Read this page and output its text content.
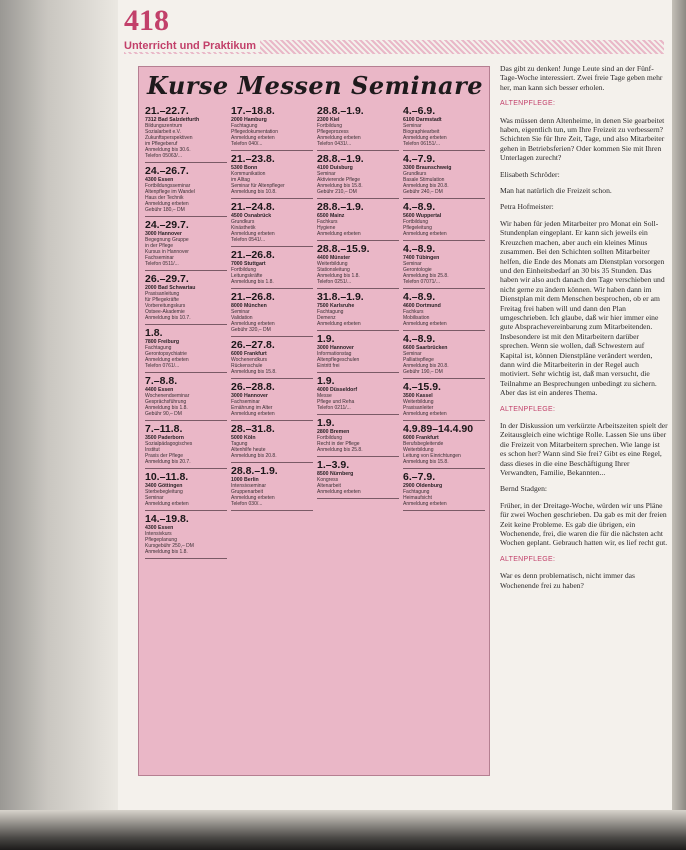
418
Unterricht und Praktikum
Kurse Messen Seminare
21.–22.7.
7312 Bad Salzdetfurth
Bildungszentrum
Sozialarbeit e.V.
Zukunftsperspektiven
im Pflegeberuf
Anmeldung bis 30.6.
Telefon 05063/...
24.–26.7.
4300 Essen
Fortbildungsseminar
Altenpflege im Wandel
Haus der Technik
Anmeldung erbeten
Gebühr 180,– DM
24.–29.7.
3000 Hannover
Begegnung Gruppe
in der Pflege
Kursus in Hannover
Fachseminar
Telefon 0511/...
26.–29.7.
2000 Bad Schwartau
Praxisanleitung
für Pflegekräfte
Vorbereitungskurs
Ostsee-Akademie
Anmeldung bis 10.7.
1.8.
7800 Freiburg
Fachtagung
Gerontopsychiatrie
Anmeldung erbeten
Telefon 0761/...
7.–8.8.
4400 Essen
Wochenendseminar
Gesprächsführung
Anmeldung bis 1.8.
Gebühr 90,– DM
7.–11.8.
3500 Paderborn
Sozialpädagogisches
Institut
Praxis der Pflege
Anmeldung bis 20.7.
10.–11.8.
3400 Göttingen
Sterbebegleitung
Seminar
Anmeldung erbeten
14.–19.8.
4300 Essen
Intensivkurs
Pflegeplanung
Kursgebühr 250,– DM
Anmeldung bis 1.8.
17.–18.8.
2000 Hamburg
Fachtagung
Pflegedokumentation
Anmeldung erbeten
Telefon 040/...
21.–23.8.
5300 Bonn
Kommunikation
im Alltag
Seminar für Altenpfleger
Anmeldung bis 10.8.
21.–24.8.
4500 Osnabrück
Grundkurs
Kinästhetik
Anmeldung erbeten
Telefon 0541/...
21.–26.8.
7000 Stuttgart
Fortbildung
Leitungskräfte
Anmeldung bis 1.8.
21.–26.8.
8000 München
Seminar
Validation
Anmeldung erbeten
Gebühr 320,– DM
26.–27.8.
6000 Frankfurt
Wochenendkurs
Rückenschule
Anmeldung bis 15.8.
26.–28.8.
3000 Hannover
Fachseminar
Ernährung im Alter
Anmeldung erbeten
28.–31.8.
5000 Köln
Tagung
Altenhilfe heute
Anmeldung bis 20.8.
28.8.–1.9.
1000 Berlin
Intensivseminar
Gruppenarbeit
Anmeldung erbeten
Telefon 030/...
28.8.–1.9.
2300 Kiel
Fortbildung
Pflegeprozess
Anmeldung erbeten
Telefon 0431/...
28.8.–1.9.
4100 Duisburg
Seminar
Aktivierende Pflege
Anmeldung bis 15.8.
Gebühr 210,– DM
28.8.–1.9.
6500 Mainz
Fachkurs
Hygiene
Anmeldung erbeten
28.8.–15.9.
4400 Münster
Weiterbildung
Stationsleitung
Anmeldung bis 1.8.
Telefon 0251/...
31.8.–1.9.
7500 Karlsruhe
Fachtagung
Demenz
Anmeldung erbeten
1.9.
3000 Hannover
Informationstag
Altenpflegeschulen
Eintritt frei
1.9.
4000 Düsseldorf
Messe
Pflege und Reha
Telefon 0211/...
1.9.
2800 Bremen
Fortbildung
Recht in der Pflege
Anmeldung bis 25.8.
1.–3.9.
8500 Nürnberg
Kongress
Altenarbeit
Anmeldung erbeten
4.–6.9.
6100 Darmstadt
Seminar
Biographiearbeit
Anmeldung erbeten
Telefon 06151/...
4.–7.9.
3300 Braunschweig
Grundkurs
Basale Stimulation
Anmeldung bis 20.8.
Gebühr 240,– DM
4.–8.9.
5600 Wuppertal
Fortbildung
Pflegeleitung
Anmeldung erbeten
4.–8.9.
7400 Tübingen
Seminar
Gerontologie
Anmeldung bis 25.8.
Telefon 07071/...
4.–8.9.
4600 Dortmund
Fachkurs
Mobilisation
Anmeldung erbeten
4.–8.9.
6600 Saarbrücken
Seminar
Palliativpflege
Anmeldung bis 20.8.
Gebühr 190,– DM
4.–15.9.
3500 Kassel
Weiterbildung
Praxisanleiter
Anmeldung erbeten
4.9.89–14.4.90
6000 Frankfurt
Berufsbegleitende
Weiterbildung
Leitung von Einrichtungen
Anmeldung bis 15.8.
6.–7.9.
2900 Oldenburg
Fachtagung
Heimaufsicht
Anmeldung erbeten

Das gibt zu denken! Junge Leute sind an der Fünf-Tage-Woche interessiert. Zwei freie Tage geben mehr her, man kann sich besser erholen.

ALTENPFLEGE:

Was müssen denn Altenheime, in denen Sie gearbeitet haben, eigentlich tun, um Ihre Freizeit zu verbessern? Schichten Sie für Ihre Zeit, Tage, und also Mitarbeiter gehen in Betriebsferien? Oder kommen Sie mit Ihren Unterlagen zurecht?

Elisabeth Schröder:

Man hat natürlich die Freizeit schon.

Petra Hofmeister:

Wir haben für jeden Mitarbeiter pro Monat ein Soll-Stundenplan eingeplant. Er kann sich jeweils ein Kreuzchen machen, aber auch ein kleines Minus zusammen. Bei den Schichten sollten Mitarbeiter helfen, die Ende des Monats am Dienstplan vorsorgen und den Einheitsbedarf an 30 bis 35 Stunden. Das haben wir also auch danach den Tage verschieben und nicht gerne zu ändern können. Wir haben dann im Dienstplan mit dem Menschen besprochen, ob er am Freitag frei haben will und dann den Plan umgeschrieben. Ich glaube, daß wir hier immer eine gute Absprachevereinbarung zum Mitarbeitenden. Insbesondere ist mit den Mitarbeitern darüber sprechen. Wenn sie wollen, daß Schwestern auf Kapital ist, können Dienstpläne verändert werden, dann wird die Mitarbeiterin in der Regel auch motiviert. Sehr wichtig ist, daß man versucht, die Teilnahme an Besprechungen unbedingt zu sichern. Aber das ist ein anderes Thema.

ALTENPFLEGE:

In der Diskussion um verkürzte Arbeitszeiten spielt der Zeitausgleich eine wichtige Rolle. Lassen Sie uns über die Freizeit von Mitarbeitern sprechen. Wie lange ist es schon her? Wann sind Sie frei? Gibt es eine Regel, dass dieses in die eine Beschäftigung Ihrer Verwandten, Familie, Bekannten...

Bernd Stadgen:

Früher, in der Dreitage-Woche, würden wir uns Pläne für zwei Wochen geschrieben. Da gab es mit der freien Zeit keine Probleme. Es gab die übrigen, ein Wochenende, frei, die waren die für die nächsten acht Wochen geplant. Gebrauch hatten wir, es lief recht gut.

ALTENPFLEGE:

War es denn problematisch, nicht immer das Wochenende frei zu haben?
